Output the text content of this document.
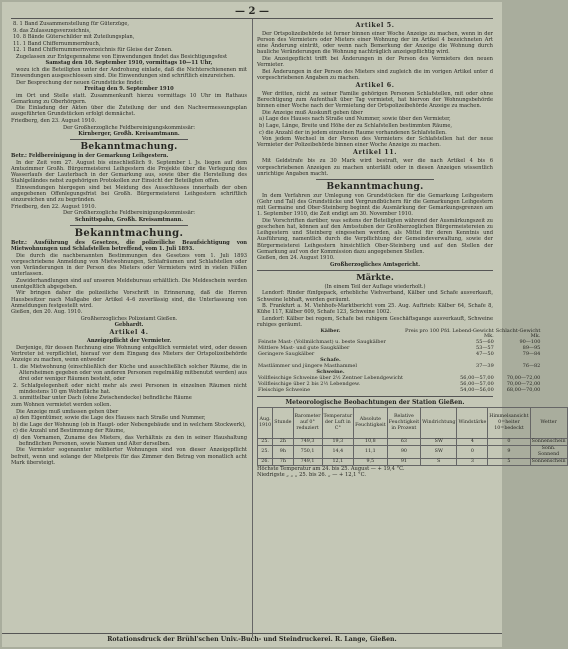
— 2 —

8. 1 Band Zusammenstellung für Güterzüge,

9. das Zulassungsverzeichnis,

10. 8 Bände Güterschilder mit Zuteilungsplan,

11. 1 Band Chiffernummernbuch,

12. 1 Band Chiffernummernverzeichnis für Gleise der Zonen.

Zugelassen zur Entgegennahme von Einwendungen findet das Besichtigungsfest

Samstag den 10. September 1910, vormittags 10—11 Uhr,

wozu ich die Beteiligten unter der Androhung einlade, daß die Nichterschienenen mit Einwendungen ausgeschlossen sind. Die Einwendungen sind schriftlich einzureichen.

Der Besprechung der neuen Grundstücke findet:

Freitag den 9. September 1910

im Ort und Stelle statt. Zusammenkunft hierzu vormittags 10 Uhr im Rathaus Gemarkung zu Oberhörgern.

Die Einladung der Akten über die Zuteilung der und den Nachvermessungsplan ausgeführten Grundstücken erfolgt demnächst.

Friedberg, den 23. August 1910.

Der Großherzogliche Feldbereinigungskommissär:

Kirnberger, Großh. Kreisamtmann.

Bekanntmachung.

Betr.: Feldbereinigung in der Gemarkung Leihgestern.

In der Zeit vom 27. August bis einschließlich 9. September l. Js. liegen auf dem Amtszimmer Großh. Bürgermeisterei Leihgestern die Projekte über die Verlegung des Wasserlaufs der Lauterbach in der Gemarkung aus, sowie über die Herstellung des Stahlgeländes nebst zugehörigen Protokollen zur Einsicht der Beteiligten offen.

Einwendungen hiergegen sind bei Meidung des Ausschlusses innerhalb der oben angegebenen Offenlegungsfrist bei Großh. Bürgermeisterei Leihgestern schriftlich einzureichen und zu begründen.

Friedberg, den 22. August 1910.

Der Großherzogliche Feldbereinigungskommissär:

Schnittspahn, Großh. Kreisamtmann.

Bekanntmachung.

Betr.: Ausführung des Gesetzes, die polizeiliche Beaufsichtigung von Mietwohnungen und Schlafstellen betreffend, vom 1. Juli 1893.

Die durch die nachbenannten Bestimmungen des Gesetzes vom 1. Juli 1893 vorgeschriebene Anmeldung von Mietwohnungen, Schlafräumen und Schlafstellen oder von Veränderungen in der Person des Mieters oder Vermieters wird in vielen Fällen unterlassen.

Zuwiderhandlungen sind auf unseren Meldebureau erhältlich. Die Meldeschein werden unentgeltlich abgegeben.

Wir bringen daher die polizeiliche Vorschrift in Erinnerung, daß die Herren Hausbesitzer nach Maßgabe der Artikel 4–6 zuverlässig sind, die Unterlassung von Anmeldungen festgestellt wird.

Gießen, den 20. Aug. 1910.

Großherzogliches Polizeiamt Gießen.

Gebhardt.

Artikel 4.

Anzeigepflicht der Vermieter.

Derjenige, für dessen Rechnung eine Wohnung entgeltlich vermietet wird, oder dessen Vertreter ist verpflichtet, hierauf vor dem Eingang des Mieters der Ortspolizeibehörde Anzeige zu machen, wenn entweder

1. die Mietwohnung (einschließlich der Küche und ausschließlich solcher Räume, die in Altersheimen gegeben oder von anderen Personen regelmäßig mitbenutzt werden) aus drei oder weniger Räumen besteht, oder

2. Schlafgelegenheit oder nicht mehr als zwei Personen in einzelnen Räumen nicht mindestens 10 qm Wohnfläche hat.

3. unmittelbar unter Dach (ohne Zwischendecke) befindliche Räume

zum Wohnen vermietet werden sollen.

Die Anzeige muß umfassen gehen über

a) den Eigentümer, sowie die Lage des Hauses nach Straße und Nummer,

b) die Lage der Wohnung (ob in Haupt- oder Nebengebäude und in welchem Stockwerk),

c) die Anzahl und Bestimmung der Räume,

d) den Vornamen, Zuname des Mieters, das Verhältnis zu den in seiner Haushaltung befindlichen Personen, sowie Namen und Alter derselben.

Die Vermieter sogenannter möblierter Wohnungen sind von dieser Anzeigepflicht befreit, wenn und solange der Mietpreis für das Zimmer den Betrag von monatlich acht Mark übersteigt.

Artikel 5.

Der Ortspolizeibehörde ist ferner binnen einer Woche Anzeige zu machen, wenn in der Person des Vermieters oder Mieters einer Wohnung der im Artikel 4 bezeichneten Art eine Änderung eintritt, oder wenn nach Bemerkung der Anzeige die Wohnung durch bauliche Veränderungen die Wohnung nachträglich anzeigepflichtig wird.

Die Anzeigepflicht trifft bei Änderungen in der Person des Vermieters den neuen Vermieter.

Bei Änderungen in der Person des Mieters sind zugleich die im vorigen Artikel unter d vorgeschriebenen Angaben zu machen.

Artikel 6.

Wer dritten, nicht zu seiner Familie gehörigen Personen Schlafstellen, mit oder ohne Berechtigung zum Aufenthalt über Tag vermietet, hat hiervon der Wohnungsbehörde binnen einer Woche nach der Vermietung der Ortspolizeibehörde Anzeige zu machen.

Die Anzeige muß Auskunft geben über

a) Lage des Hauses nach Straße und Nummer, sowie über den Vermieter,

b) Lage, Länge, Breite und Höhe der zu Schlafstellen bestimmten Räume,

c) die Anzahl der in jedem einzelnen Raume vorhandenen Schlafstellen.

Von jedem Wechsel in der Person des Vermieters der Schlafstellen hat der neue Vermieter der Polizeibehörde binnen einer Woche Anzeige zu machen.

Artikel 11.

Mit Geldstrafe bis zu 30 Mark wird bestraft, wer die nach Artikel 4 bis 6 vorgeschriebenen Anzeigen zu machen unterläßt oder in diesen Anzeigen wissentlich unrichtige Angaben macht.

Bekanntmachung.

In dem Verfahren zur Umlegung von Grundstücken für die Gemarkung Leihgestern (Gehr und Tal) des Grundstücke und Vergrundbüchern für die Gemarkungen Leihgestern mit Germaine und Ober-Steinberg beginnt die Ausmärkung der Gemarkungsgrenzen am 1. September 1910, die Zeit endigt am 30. November 1910.

Die Vorschriften darüber, was seitens der Beteiligten während der Ausmärkungszeit zu geschehen hat, können auf den Amtsstuben der Großherzoglichen Bürgermeistereien zu Leihgestern und Steinberg eingesehen werden, als Mittel für deren Kenntnis und Ausführung, namentlich durch die Verpflichtung der Gemeindeverwaltung, sowie der Bürgermeisterei Leihgestern hinsichtlich Ober-Steinberg und auf den Stellen der Gemarkung auf von der Kommission dazu angegebenen Stellen.

Gießen, den 24. August 1910.

Großherzogliches Amtsgericht.

Märkte.

(In einem Teil der Auflage wiederholt.)

Lendorf: Rinder fünfgepack, erhebliche Viehverband, Kälber und Schafe ausverkauft, Schweine lebhaft, werden geräumt.

B. Frankfurt a. M. Viehhofs-Marktbericht vom 25. Aug. Auftrieb: Kälber 64, Schafe 8, Kühe 117, Kälber 609, Schafe 123, Schweine 1002.

Lendorf: Kälber bei regem, Schafe bei ruhigem Geschäftsgange ausverkauft, Schweine ruhiges geräumt.

Kälber.	Preis pro 100 Pfd. Lebend-Gewicht	Schlacht-Gewicht
	Mk.	Mk.
Feinste Mast- (Vollmilchmast) u. beste Saugkälber	55—60	90—100
Mittlere Mast- und gute Saugkälber	53—57	89—95
Geringere Saugkälber	47—50	79—84
Schafe.		
Mastlämmer und jüngere Masthammel	37—39	76—82
Schweine.		
Vollfleischige Schweine über 2½ Zentner Lebendgewicht	56,00—57,00	70,00—72,00
Vollfleischige über 2 bis 2½ Lebendgew.	56,00—57,00	70,00—72,00
Fleischige Schweine	54,00—56,00	68,00—70,00
Meteorologische Beobachtungen der Station Gießen.
Aug. 1910	Stunde	Barometer auf 0° reduziert	Temperatur der Luft in C°	Absolute Feuchtigkeit	Relative Feuchtigkeit in Prozent	Windrichtung	Windstärke	Himmelsansicht 0=heiter 10=bedeckt	Wetter
25.	2h	749,3	19,3	10,8	63	SW	4	0	Sonnenschein
25.	9h	750,1	14,4	11,1	90	SW	0	9	Sonn. Sonnend
26.	7h	749,1	12,1	9,5	91	S	3	5	Sonnenschein

Höchste Temperatur am 24. bis 25. August — + 19,4 °C.

Niedrigste „ „ „ 25. bis 26. „ — + 12,1 °C.

Rotationsdruck der Brühl'schen Univ.-Buch- und Steindruckerei. R. Lange, Gießen.
